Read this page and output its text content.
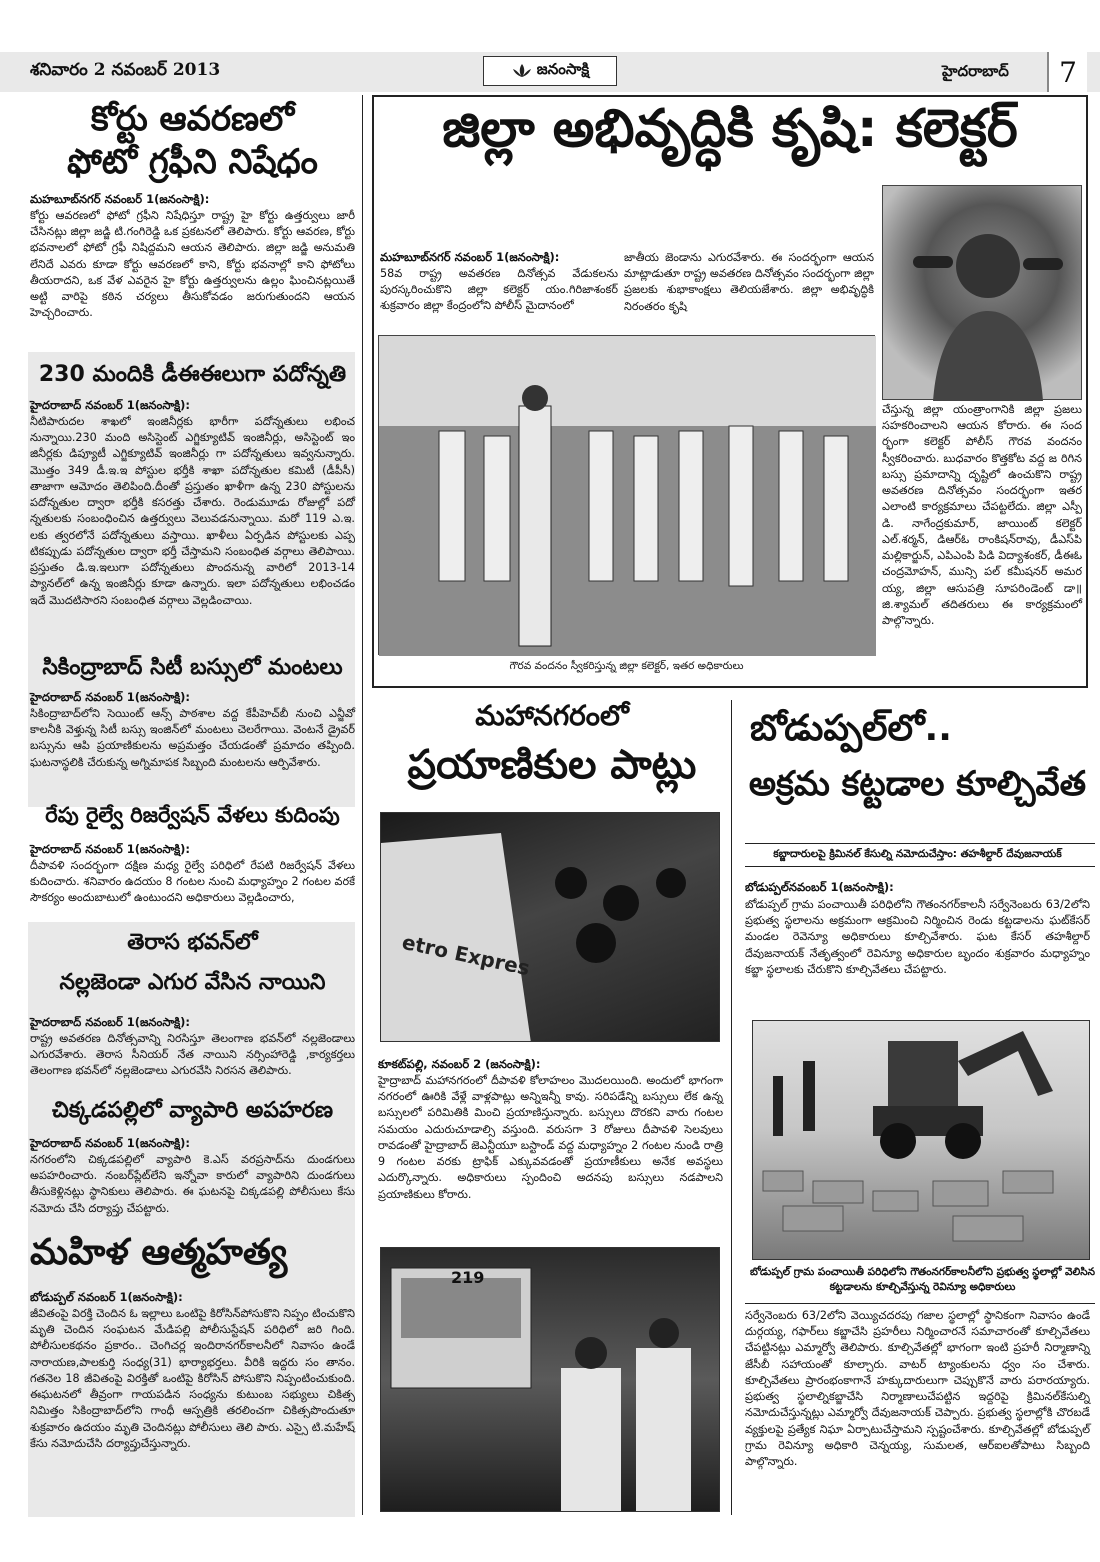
శనివారం 2 నవంబర్ 2013	జనంసాక్షి	హైదరాబాద్	7
కోర్టు ఆవరణలో
ఫోటో గ్రఫీని నిషేధం
మహబూబ్‌నగర్ నవంబర్ 1(జనంసాక్షి):
కోర్టు ఆవరణలో ఫోటో గ్రఫీని నిషేధిస్తూ రాష్ట్ర హై కోర్టు ఉత్తర్వులు జారీ చేసినట్లు జిల్లా జడ్జి టి.గంగిరెడ్డి ఒక ప్రకటనలో తెలిపారు. కోర్టు ఆవరణ, కోర్టు భవనాలలో ఫోటో గ్రఫీ నిషిద్దమని ఆయన తెలిపారు. జిల్లా జడ్జి అనుమతి లేనిదే ఎవరు కూడా కోర్టు ఆవరణలో కాని, కోర్టు భవనాల్లో కాని ఫోటోలు తీయరాదని, ఒక వేళ ఎవరైన హై కోర్టు ఉత్తర్వులను ఉల్లం ఘించినట్లయితే అట్టి వారిపై కఠిన చర్యలు తీసుకోవడం జరుగుతుందని ఆయన హెచ్చరించారు.
230 మందికి డీఈఈలుగా పదోన్నతి
హైదరాబాద్ నవంబర్ 1(జనంసాక్షి):
నీటిపారుదల శాఖలో ఇంజినీర్లకు భారీగా పదోన్నతులు లభించ నున్నాయి.230 మంది అసిస్టెంట్ ఎగ్జిక్యూటివ్ ఇంజినీర్లు, అసిస్టెంట్ ఇం జినీర్లకు డిప్యూటీ ఎగ్జిక్యూటివ్ ఇంజినీర్లు గా పదోన్నతులు ఇవ్వనున్నారు. మొత్తం 349 డీ.ఇ.ఇ పోస్టుల భర్తీకి శాఖా పదోన్నతుల కమిటీ (డీపీసీ) తాజాగా ఆమోదం తెలిపింది.దీంతో ప్రస్తుతం ఖాళీగా ఉన్న 230 పోస్టులను పదోన్నతుల ద్వారా భర్తీకి కసరత్తు చేశారు. రెండుమూడు రోజుల్లో పదో న్నతులకు సంబంధించిన ఉత్తర్వులు వెలువడనున్నాయి. మరో 119 ఎ.ఇ. లకు త్వరలోనే పదోన్నతులు వస్తాయి. ఖాళీలు ఏర్పడిన పోస్టులకు ఎప్ప టికప్పుడు పదోన్నతుల ద్వారా భర్తీ చేస్తామని సంబంధిత వర్గాలు తెలిపాయి. ప్రస్తుతం డి.ఇ.ఇలుగా పదోన్నతులు పొందనున్న వారిలో 2013-14 ప్యానల్‌లో ఉన్న ఇంజినీర్లు కూడా ఉన్నారు. ఇలా పదోన్నతులు లభించడం ఇదే మొదటిసారని సంబంధిత వర్గాలు వెల్లడించాయి.
సికింద్రాబాద్ సిటీ బస్సులో మంటలు
హైదరాబాద్ నవంబర్ 1(జనంసాక్షి):
సికింద్రాబాద్‌లోని సెయింట్ ఆన్స్ పాఠశాల వద్ద కేపీహెచ్‌బీ నుంచి ఎన్జీవో కాలనీకి వెళ్తున్న సిటీ బస్సు ఇంజిన్‌లో మంటలు చెలరేగాయి. వెంటనే డ్రైవర్ బస్సును ఆపి ప్రయాణికులను అప్రమత్తం చేయడంతో ప్రమాదం తప్పింది. ఘటనాస్థలికి చేరుకున్న అగ్నిమాపక సిబ్బంది మంటలను ఆర్పివేశారు.
రేపు రైల్వే రిజర్వేషన్ వేళలు కుదింపు
హైదరాబాద్ నవంబర్ 1(జనంసాక్షి):
దీపావళి సందర్భంగా దక్షిణ మధ్య రైల్వే పరిధిలో రేపటి రిజర్వేషన్ వేళలు కుదించారు. శనివారం ఉదయం 8 గంటల నుంచి మధ్యాహ్నం 2 గంటల వరకే సౌకర్యం అందుబాటులో ఉంటుందని అధికారులు వెల్లడించారు,
తెరాస భవన్‌లో
నల్లజెండా ఎగుర వేసిన నాయిని
హైదరాబాద్ నవంబర్ 1(జనంసాక్షి):
రాష్ట్ర అవతరణ దినోత్సవాన్ని నిరసిస్తూ తెలంగాణ భవన్‌లో నల్లజెండాలు ఎగురవేశారు. తెరాస సీనియర్ నేత నాయిని నర్సింహారెడ్డి ,కార్యకర్తలు తెలంగాణ భవన్‌లో నల్లజెండాలు ఎగురవేసి నిరసన తెలిపారు.
చిక్కడపల్లిలో వ్యాపారి అపహరణ
హైదరాబాద్ నవంబర్ 1(జనంసాక్షి):
నగరంలోని చిక్కడపల్లిలో వ్యాపారి కె.ఎస్ వరప్రసాద్‌ను దుండగులు అపహరించారు. నంబర్‌ప్లేట్‌లేని ఇన్నోవా కారులో వ్యాపారిని దుండగులు తీసుకెళ్లినట్లు స్థానికులు తెలిపారు. ఈ ఘటనపై చిక్కడపల్లి పోలీసులు కేసు నమోదు చేసి దర్యాప్తు చేపట్టారు.
మహిళ ఆత్మహత్య
బోడుప్పల్ నవంబర్ 1(జనంసాక్షి):
జీవితంపై విరక్తి చెందిన ఓ ఇల్లాలు ఒంటిపై కిరోసిన్‌పోసుకొని నిప్పం టించుకొని మృతి చెందిన సంఘటన మేడిపల్లి పోలీసుస్టేషన్ పరిధిలో జరి గింది. పోలీసులకథనం ప్రకారం.. చెంగిచర్ల ఇందిరానగర్‌కాలనీలో నివాసం ఉండే నారాయణ,పాలకుర్తి సంధ్య(31) భార్యాభర్తలు. వీరికి ఇద్దరు సం తానం. గతనెల 18 జీవితంపై విరక్తితో ఒంటిపై కిరోసిన్ పోసుకొని నిప్పంటించుకుంది. ఈఘటనలో తీవ్రంగా గాయపడిన సంధ్యను కుటుంబ సభ్యులు చికిత్స నిమిత్తం సికింద్రాబాద్‌లోని గాంధీ ఆస్పత్రికి తరలించగా చికిత్సపొందుతూ శుక్రవారం ఉదయం మృతి చెందినట్లు పోలీసులు తెలి పారు. ఎస్సై టి.మహేష్ కేసు నమోదుచేసి దర్యాప్తుచేస్తున్నారు.
జిల్లా అభివృద్ధికి కృషి: కలెక్టర్
మహబూబ్‌నగర్ నవంబర్ 1(జనంసాక్షి):
58వ రాష్ట్ర అవతరణ దినోత్సవ వేడుకలను పురస్కరించుకొని జిల్లా కలెక్టర్ యం.గిరిజాశంకర్ శుక్రవారం జిల్లా కేంద్రంలోని పోలీస్ మైదానంలో
జాతీయ జెండాను ఎగురవేశారు. ఈ సందర్భంగా ఆయన మాట్లాడుతూ రాష్ట్ర అవతరణ దినోత్సవం సందర్భంగా జిల్లా ప్రజలకు శుభాకాంక్షలు తెలియజేశారు. జిల్లా అభివృద్ధికి నిరంతరం కృషి
చేస్తున్న జిల్లా యంత్రాంగానికి జిల్లా ప్రజలు సహకరించాలని ఆయన కోరారు. ఈ సంద ర్భంగా కలెక్టర్ పోలీస్ గౌరవ వందనం స్వీకరించారు. బుధవారం కొత్తకోట వద్ద జ రిగిన బస్సు ప్రమాదాన్ని దృష్టిలో ఉంచుకొని రాష్ట్ర అవతరణ దినోత్సవం సందర్భంగా ఇతర ఎలాంటి కార్యక్రమాలు చేపట్టలేదు. జిల్లా ఎస్పీ డి. నాగేంద్రకుమార్, జాయింట్ కలెక్టర్ ఎల్.శర్మన్, డిఆర్ఓ రాంకిషన్‌రావు, డీఎస్‌పి మల్లికార్జున్, ఎపిఎంపి పిడి విద్యాశంకర్, డీఈఓ చంద్రమోహన్, మున్సి పల్ కమీషనర్ అమర య్య, జిల్లా ఆసుపత్రి సూపరిండెంట్ డా॥ జి.శ్యామల్ తదితరులు ఈ కార్యక్రమంలో పాల్గొన్నారు.
గౌరవ వందనం స్వీకరిస్తున్న జిల్లా కలెక్టర్, ఇతర అధికారులు
మహానగరంలో
ప్రయాణికుల పాట్లు
etro Expres
కూకట్‌పల్లి, నవంబర్ 2 (జనంసాక్షి):
హైద్రాబాద్ మహానగరంలో దీపావళి కోలాహలం మొదలయింది. అందులో భాగంగా నగరంలో ఊరికి వేళ్లే వాళ్లపాట్లు అన్నిఇన్నీ కావు. సరిపడేన్ని బస్సులు లేక ఉన్న బస్సులలో పరిమితికి మించి ప్రయాణిస్తున్నారు. బస్సులు దొరకని వారు గంటల సమయం ఎదురుచూడాల్సి వస్తుంది. వరుసగా 3 రోజులు దీపావళి సెలవులు రావడంతో హైద్రాబాద్ జెఎన్టీయూ బస్టాండ్ వద్ద మధ్యాహ్నం 2 గంటల నుండి రాత్రి 9 గంటల వరకు ట్రాఫిక్ ఎక్కువవడంతో ప్రయాణీకులు అనేక అవస్థలు ఎదుర్కొన్నారు. అధికారులు స్పందించి అదనపు బస్సులు నడపాలని ప్రయాణికులు కోరారు.
219
బోడుప్పల్‌లో..
అక్రమ కట్టడాల కూల్చివేత
కబ్జాదారులపై క్రిమినల్ కేసుల్ని నమోదుచేస్తాం: తహశీల్దార్ దేవుజనాయక్
బోడుప్పల్‌నవంబర్ 1(జనంసాక్షి):
బోడుప్పల్ గ్రామ పంచాయితీ పరిధిలోని గౌతంనగర్‌కాలనీ సర్వేనెంబరు 63/2లోని ప్రభుత్వ స్థలాలను అక్రమంగా ఆక్రమించి నిర్మించిన రెండు కట్టడాలను ఘట్‌కేసర్ మండల రెవెన్యూ అధికారులు కూల్చివేశారు. ఘట కేసర్ తహశీల్దార్ దేవుజనాయక్ నేతృత్వంలో రెవిన్యూ అధికారుల బృందం శుక్రవారం మధ్యాహ్నం కబ్జా స్థలాలకు చేరుకొని కూల్చివేతలు చేపట్టారు.
బోడుప్పల్ గ్రామ పంచాయితీ పరిధిలోని గౌతంనగర్‌కాలనీలోని ప్రభుత్వ స్థలాల్లో వెలిసిన కట్టడాలను కూల్చివేస్తున్న రెవిన్యూ అధికారులు
సర్వేనెంబరు 63/2లోని వెయ్యిచదరపు గజాల స్థలాల్లో స్థానికంగా నివాసం ఉండే దుర్గయ్య, గఫార్‌లు కబ్జాచేసి ప్రహరీలు నిర్మించారనే సమాచారంతో కూల్చివేతలు చేపట్టినట్లు ఎమ్మార్వో తెలిపారు. కూల్చివేతల్లో భాగంగా ఇంటి ప్రహరీ నిర్మాణాన్ని జేసీబీ సహాయంతో కూల్చారు. వాటర్ ట్యాంకులను ధ్వం సం చేశారు. కూల్చివేతలు ప్రారంభంకాగానే హక్కుదారులుగా చెప్పుకొనే వారు పరారయ్యారు. ప్రభుత్వ స్థలాల్నికబ్జాచేసి నిర్మాణాలుచేపట్టిన ఇద్దరిపై క్రిమినల్‌కేసుల్ని నమోదుచేస్తున్నట్లు ఎమ్మార్వో దేవుజనాయక్ చెప్పారు. ప్రభుత్వ స్థలాల్లోకి చొరబడే వ్యక్తులపై ప్రత్యేక నిఘా ఏర్పాటుచేస్తామని స్పష్టంచేశారు. కూల్చివేతల్లో బోడుప్పల్ గ్రామ రెవిన్యూ అధికారి చెన్నయ్య, సుమలత, ఆర్ఐలతోపాటు సిబ్బంది పాల్గొన్నారు.
